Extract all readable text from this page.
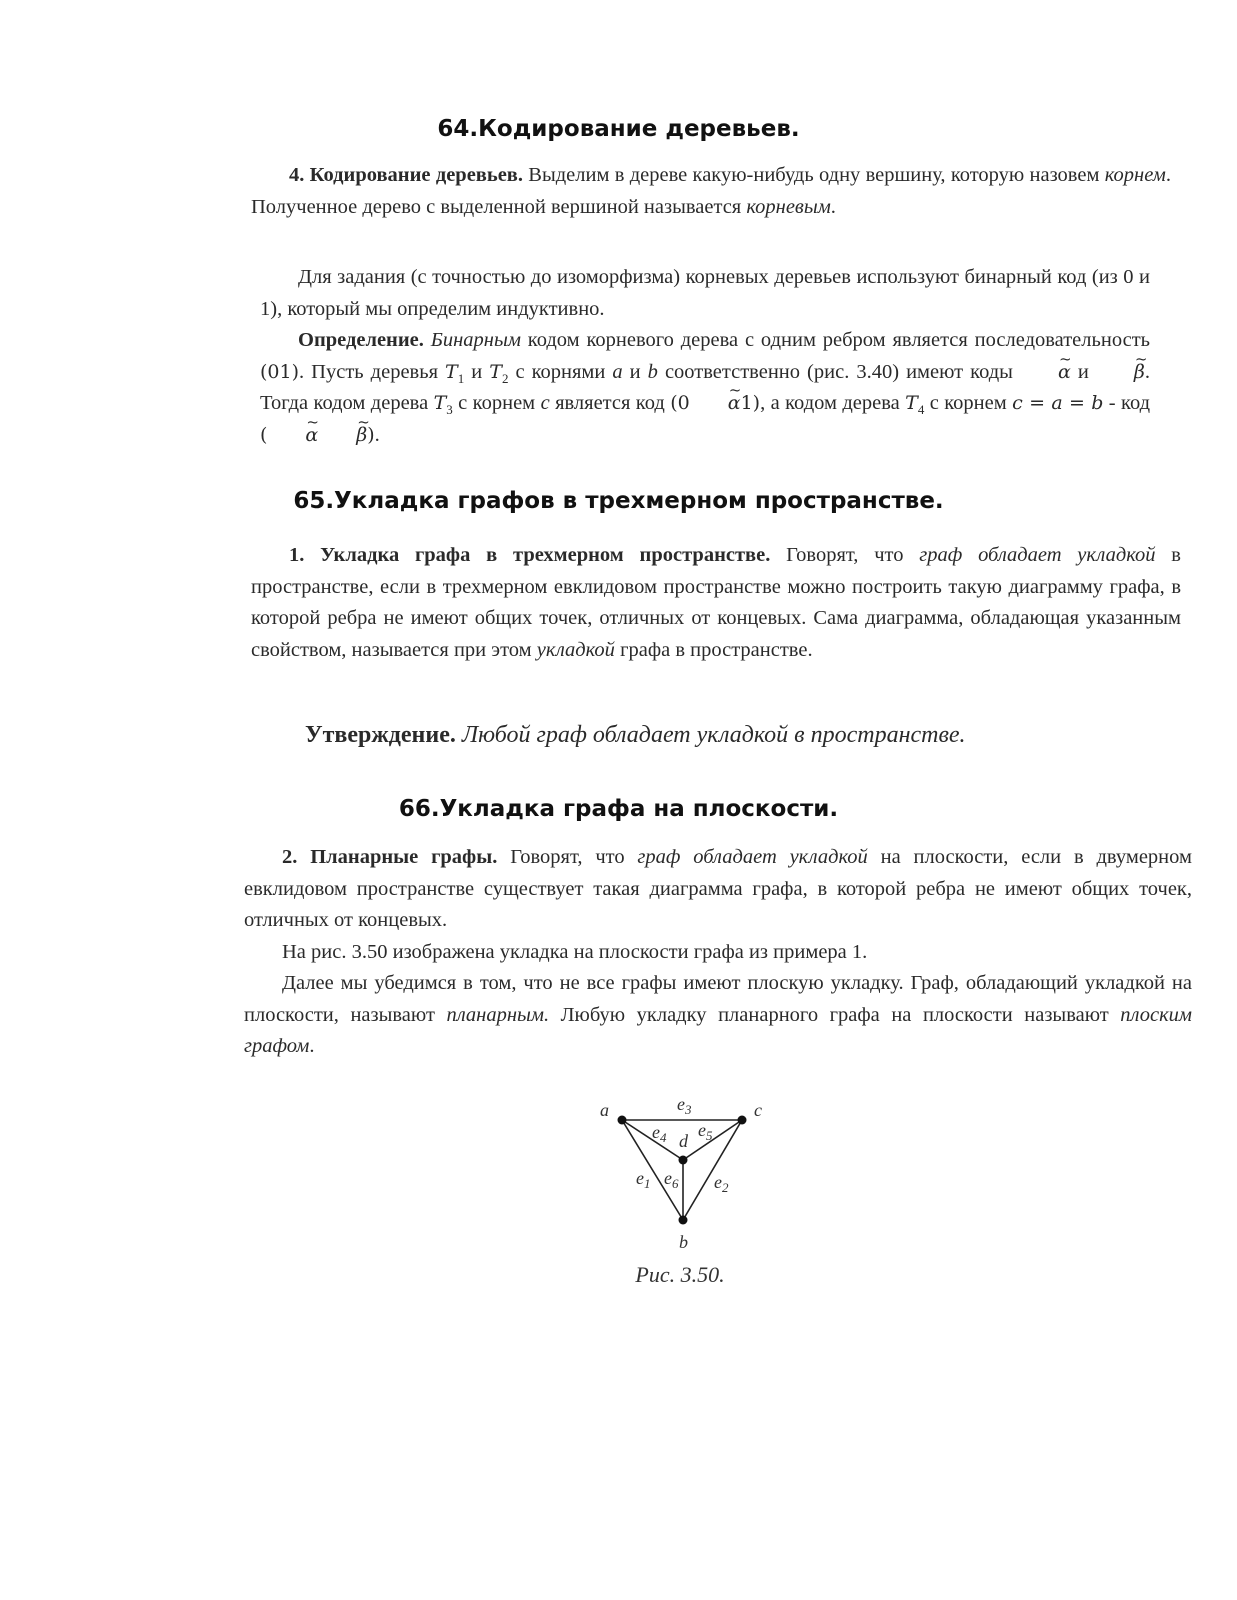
64.Кодирование деревьев.

4. Кодирование деревьев. Выделим в дереве какую-нибудь одну вершину, которую назовем корнем. Полученное дерево с выделенной вершиной называется корневым.

Для задания (с точностью до изоморфизма) корневых деревьев используют бинарный код (из 0 и 1), который мы определим индуктивно.

Определение. Бинарным кодом корневого дерева с одним ребром является последовательность (01). Пусть деревья $T_1$ и $T_2$ с корнями a и b соответственно (рис. 3.40) имеют коды ~ α и ~ β. Тогда кодом дерева $T_3$ с корнем c является код (0 ~ α1), а кодом дерева $T_4$ с корнем c = a = b - код ( ~ α ~ β).

65.Укладка графов в трехмерном пространстве.

1. Укладка графа в трехмерном пространстве. Говорят, что граф обладает укладкой в пространстве, если в трехмерном евклидовом пространстве можно построить такую диаграмму графа, в которой ребра не имеют общих точек, отличных от концевых. Сама диаграмма, обладающая указанным свойством, называется при этом укладкой графа в пространстве.

Утверждение. Любой граф обладает укладкой в пространстве.
66.Укладка графа на плоскости.

2. Планарные графы. Говорят, что граф обладает укладкой на плоскости, если в двумерном евклидовом пространстве существует такая диаграмма графа, в которой ребра не имеют общих точек, отличных от концевых.

На рис. 3.50 изображена укладка на плоскости графа из примера 1.

Далее мы убедимся в том, что не все графы имеют плоскую укладку. Граф, обладающий укладкой на плоскости, называют планарным. Любую укладку планарного графа на плоскости называют плоским графом.

a	c
d
b
$e_3$
$e_4$ $e_5$
$e_6$
$e_1$	$e_2$
Рис. 3.50.
